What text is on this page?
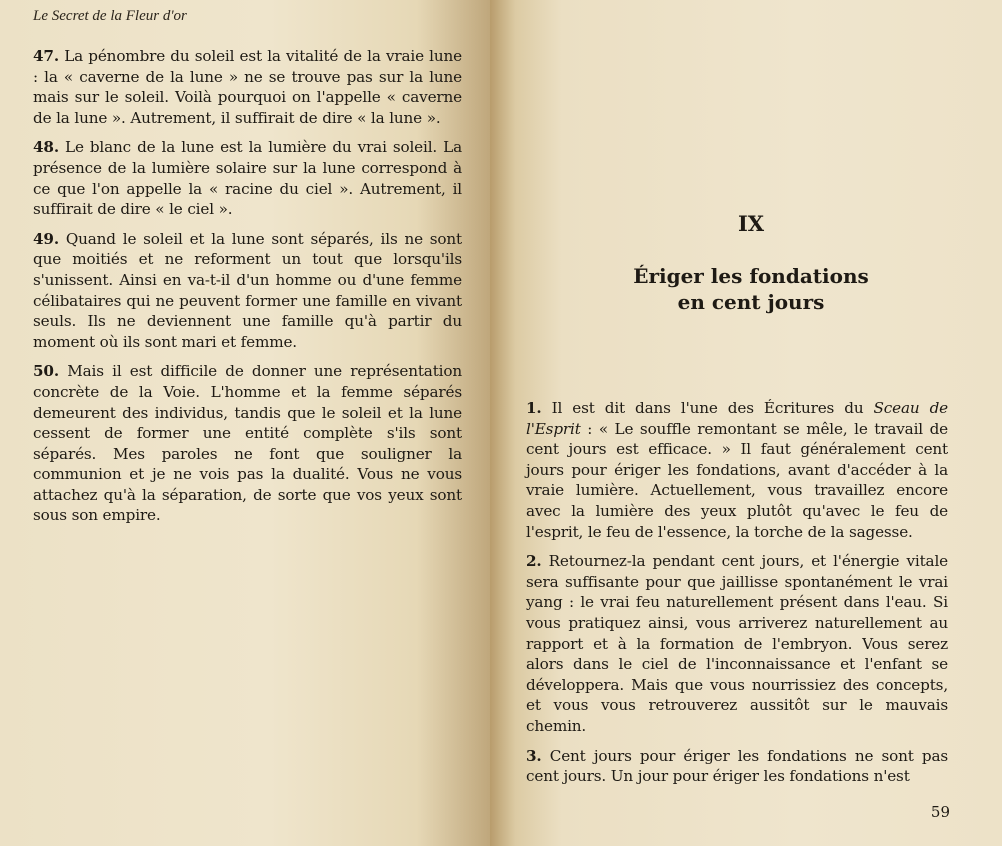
Le Secret de la Fleur d'or

47. La pénombre du soleil est la vitalité de la vraie lune : la « caverne de la lune » ne se trouve pas sur la lune mais sur le soleil. Voilà pourquoi on l'appelle « caverne de la lune ». Autrement, il suffirait de dire « la lune ».

48. Le blanc de la lune est la lumière du vrai soleil. La présence de la lumière solaire sur la lune correspond à ce que l'on appelle la « racine du ciel ». Autrement, il suffirait de dire « le ciel ».

49. Quand le soleil et la lune sont séparés, ils ne sont que moitiés et ne reforment un tout que lorsqu'ils s'unissent. Ainsi en va-t-il d'un homme ou d'une femme célibataires qui ne peuvent former une famille en vivant seuls. Ils ne deviennent une famille qu'à partir du moment où ils sont mari et femme.

50. Mais il est difficile de donner une représentation concrète de la Voie. L'homme et la femme séparés demeurent des individus, tandis que le soleil et la lune cessent de former une entité complète s'ils sont séparés. Mes paroles ne font que souligner la communion et je ne vois pas la dualité. Vous ne vous attachez qu'à la séparation, de sorte que vos yeux sont sous son empire.

IX
Ériger les fondations
en cent jours

1. Il est dit dans l'une des Écritures du Sceau de l'Esprit : « Le souffle remontant se mêle, le travail de cent jours est efficace. » Il faut généralement cent jours pour ériger les fondations, avant d'accéder à la vraie lumière. Actuellement, vous travaillez encore avec la lumière des yeux plutôt qu'avec le feu de l'esprit, le feu de l'essence, la torche de la sagesse.

2. Retournez-la pendant cent jours, et l'énergie vitale sera suffisante pour que jaillisse spontanément le vrai yang : le vrai feu naturellement présent dans l'eau. Si vous pratiquez ainsi, vous arriverez naturellement au rapport et à la formation de l'embryon. Vous serez alors dans le ciel de l'inconnaissance et l'enfant se développera. Mais que vous nourrissiez des concepts, et vous vous retrouverez aussitôt sur le mauvais chemin.

3. Cent jours pour ériger les fondations ne sont pas cent jours. Un jour pour ériger les fondations n'est

59
